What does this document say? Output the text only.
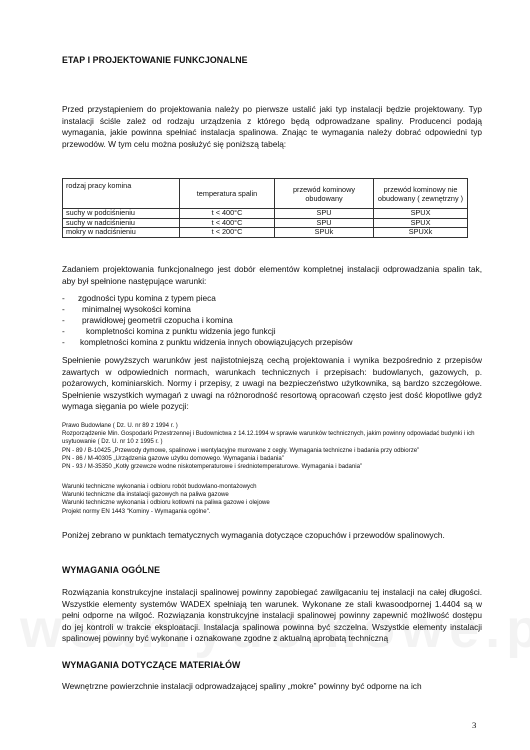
ETAP I PROJEKTOWANIE FUNKCJONALNE

Przed przystąpieniem do projektowania należy po pierwsze ustalić jaki typ instalacji będzie projektowany. Typ instalacji ściśle zależ od rodzaju urządzenia z którego będą odprowadzane spaliny. Producenci podają wymagania, jakie powinna spełniać instalacja spalinowa. Znając te wymagania należy dobrać odpowiedni typ przewodów. W tym celu można posłużyć się poniższą tabelą:

rodzaj pracy komina	temperatura spalin	przewód kominowy obudowany	przewód kominowy nie obudowany ( zewnętrzny )
suchy w podciśnieniu	t < 400°C	SPU	SPUX
suchy w nadciśnieniu	t < 400°C	SPU	SPUX
mokry w nadciśnieniu	t < 200°C	SPUk	SPUXk

Zadaniem projektowania funkcjonalnego jest dobór elementów kompletnej instalacji odprowadzania spalin tak, aby był spełnione następujące warunki:

- zgodności typu komina z typem pieca
- minimalnej wysokości komina
- prawidłowej geometrii czopucha i komina
-	kompletności komina z punktu widzenia jego funkcji
- kompletności komina z punktu widzenia innych obowiązujących przepisów

Spełnienie powyższych warunków jest najistotniejszą cechą projektowania i wynika bezpośrednio z przepisów zawartych w odpowiednich normach, warunkach technicznych i przepisach: budowlanych, gazowych, p. pożarowych, kominiarskich. Normy i przepisy, z uwagi na bezpieczeństwo użytkownika, są bardzo szczegółowe. Spełnienie wszystkich wymagań z uwagi na różnorodność resortową opracowań często jest dość kłopotliwe gdyż wymaga sięgania po wiele pozycji:

Prawo Budowlane ( Dz. U. nr 89 z 1994 r. )
Rozporządzenie Min. Gospodarki Przestrzennej i Budownictwa z 14.12.1994 w sprawie warunków technicznych, jakim powinny odpowiadać budynki i ich usytuowanie ( Dz. U. nr 10 z 1995 r. )
PN - 89 / B-10425 „Przewody dymowe, spalinowe i wentylacyjne murowane z cegły. Wymagania techniczne i badania przy odbiorze”
PN - 86 / M-40305 „Urządzenia gazowe użytku domowego. Wymagania i badania”
PN - 93 / M-35350 „Kotły grzewcze wodne niskotemperaturowe i średniotemperaturowe. Wymagania i badania”
Warunki techniczne wykonania i odbioru robót budowlano-montażowych
Warunki techniczne dla instalacji gazowych na paliwa gazowe
Warunki techniczne wykonania i odbioru kotłowni na paliwa gazowe i olejowe
Projekt normy EN 1443 "Kominy - Wymagania ogólne".

Poniżej zebrano w punktach tematycznych wymagania dotyczące czopuchów i przewodów spalinowych.

WYMAGANIA OGÓLNE

Rozwiązania konstrukcyjne instalacji spalinowej powinny zapobiegać zawilgacaniu tej instalacji na całej długości. Wszystkie elementy systemów WADEX spełniają ten warunek. Wykonane ze stali kwasoodpornej 1.4404 są w pełni odporne na wilgoć. Rozwiązania konstrukcyjne instalacji spalinowej powinny zapewnić możliwość dostępu do jej kontroli w trakcie eksploatacji. Instalacja spalinowa powinna być szczelna. Wszystkie elementy instalacji spalinowej powinny być wykonane i oznakowane zgodne z aktualną aprobatą techniczną

WYMAGANIA DOTYCZĄCE MATERIAŁÓW

Wewnętrzne powierzchnie instalacji odprowadzającej spaliny „mokre” powinny być odporne na ich

3
